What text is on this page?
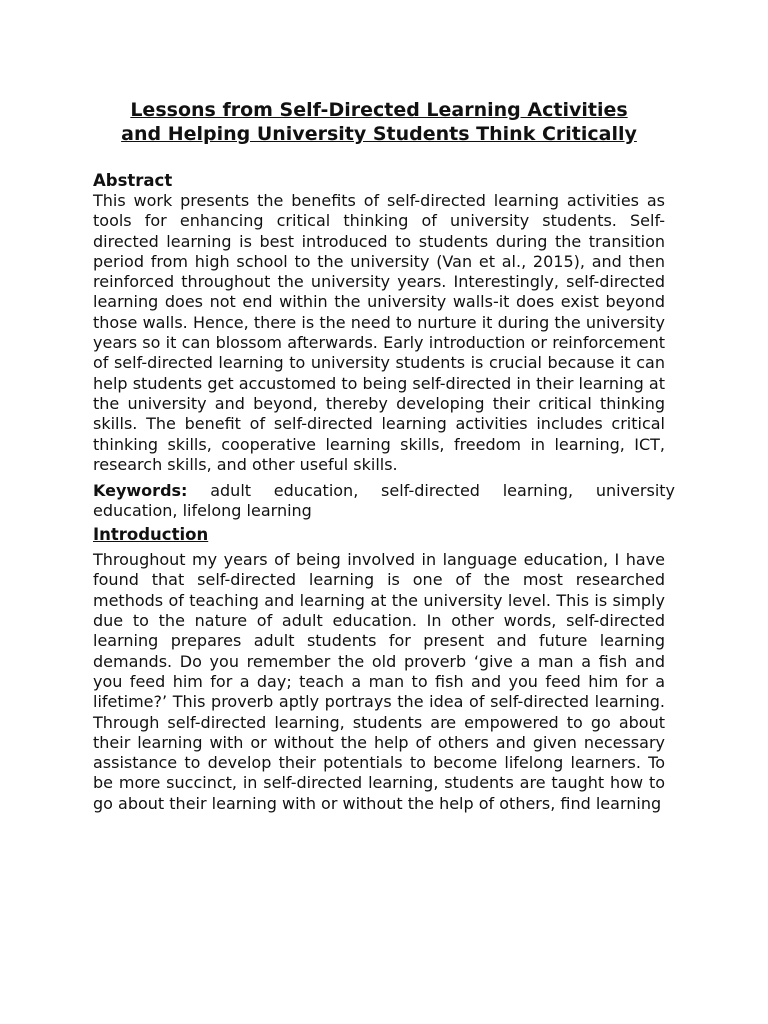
Lessons from Self-Directed Learning Activities
and Helping University Students Think Critically
Abstract

This work presents the benefits of self-directed learning activities as tools for enhancing critical thinking of university students. Self-directed learning is best introduced to students during the transition period from high school to the university (Van et al., 2015), and then reinforced throughout the university years. Interestingly, self-directed learning does not end within the university walls-it does exist beyond those walls. Hence, there is the need to nurture it during the university years so it can blossom afterwards. Early introduction or reinforcement of self-directed learning to university students is crucial because it can help students get accustomed to being self-directed in their learning at the university and beyond, thereby developing their critical thinking skills. The benefit of self-directed learning activities includes critical thinking skills, cooperative learning skills, freedom in learning, ICT, research skills, and other useful skills.

Keywords: adult education, self-directed learning, university education, lifelong learning
Introduction

Throughout my years of being involved in language education, I have found that self-directed learning is one of the most researched methods of teaching and learning at the university level. This is simply due to the nature of adult education. In other words, self-directed learning prepares adult students for present and future learning demands. Do you remember the old proverb ‘give a man a fish and you feed him for a day; teach a man to fish and you feed him for a lifetime?’ This proverb aptly portrays the idea of self-directed learning. Through self-directed learning, students are empowered to go about their learning with or without the help of others and given necessary assistance to develop their potentials to become lifelong learners. To be more succinct, in self-directed learning, students are taught how to go about their learning with or without the help of others, find learning
